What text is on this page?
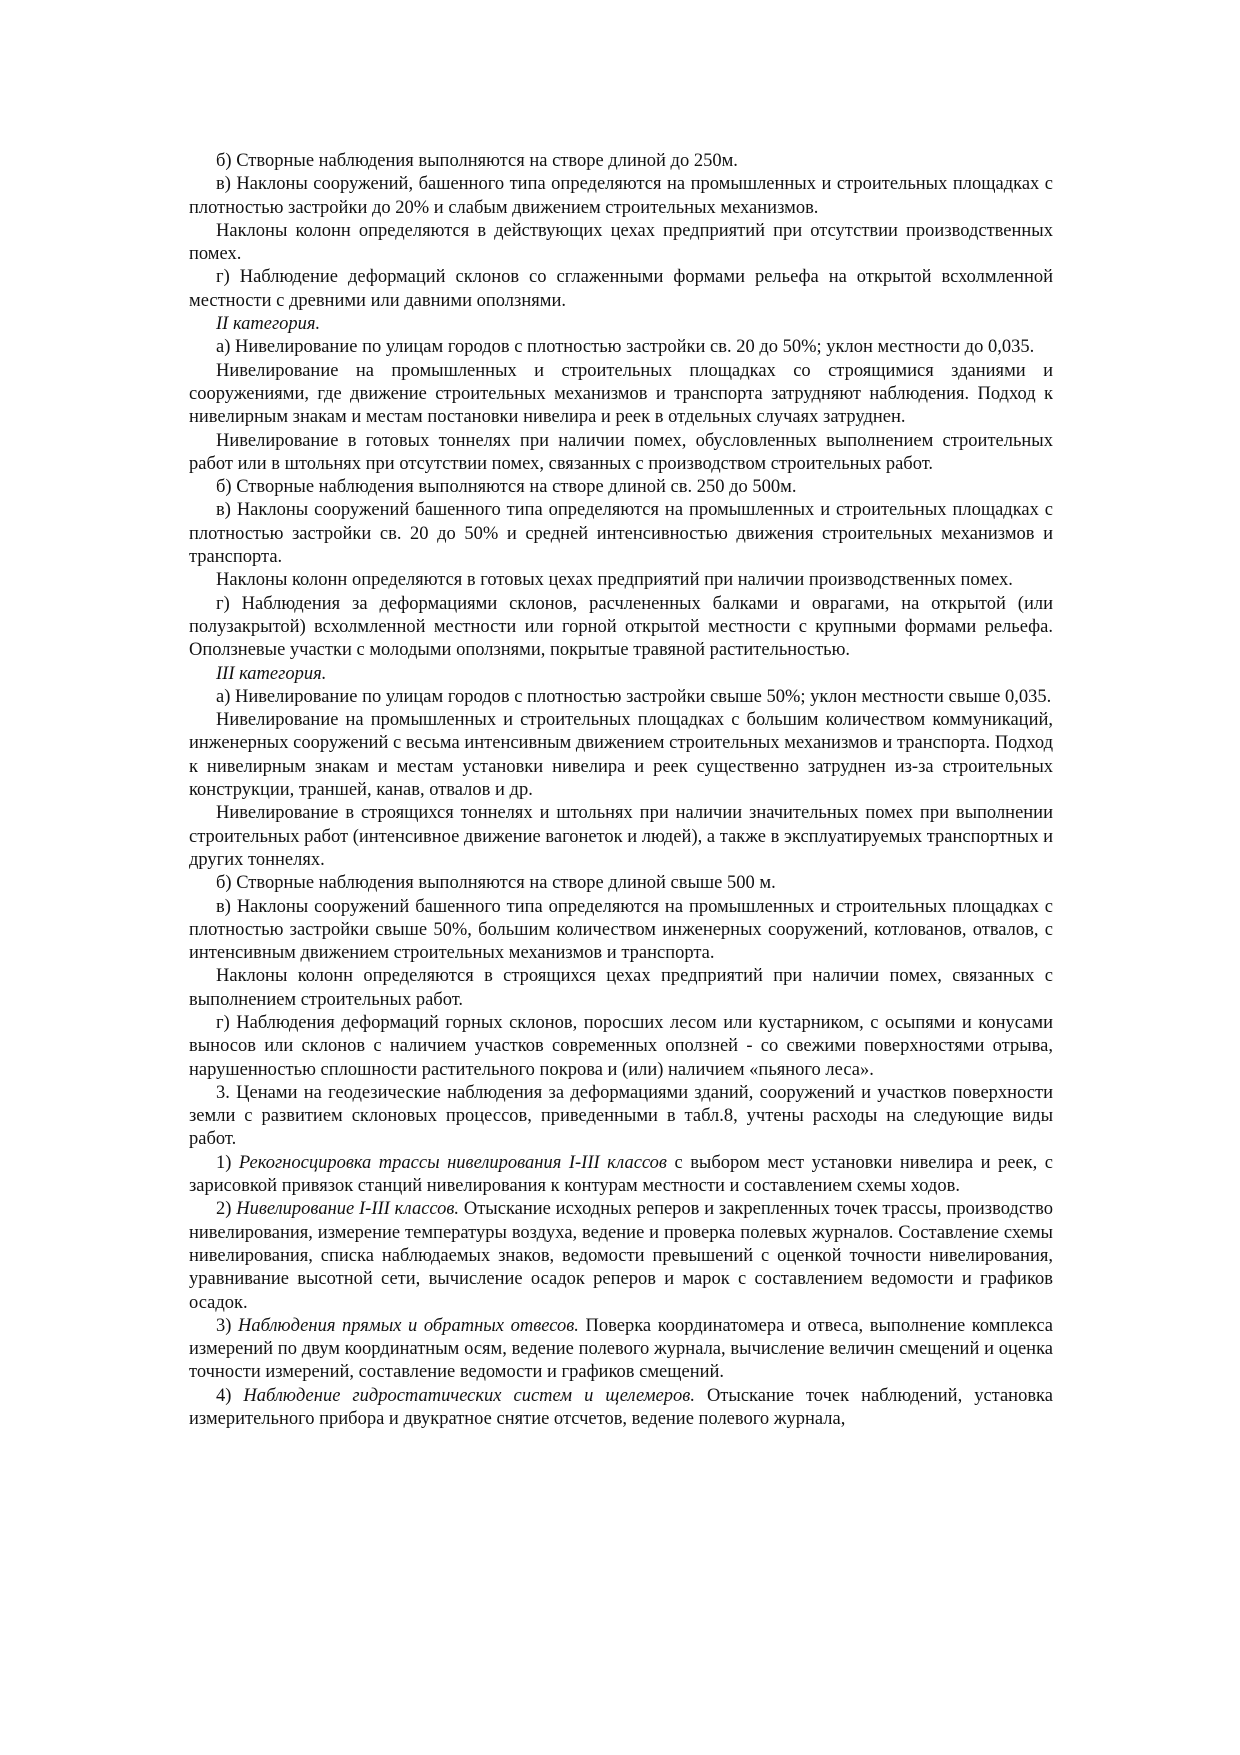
б) Створные наблюдения выполняются на створе длиной до 250м.

в) Наклоны сооружений, башенного типа определяются на промышленных и строительных площадках с плотностью застройки до 20% и слабым движением строительных механизмов.

Наклоны колонн определяются в действующих цехах предприятий при отсутствии производственных помех.

г) Наблюдение деформаций склонов со сглаженными формами рельефа на открытой всхолмленной местности с древними или давними оползнями.

II категория.

а) Нивелирование по улицам городов с плотностью застройки св. 20 до 50%; уклон местности до 0,035.

Нивелирование на промышленных и строительных площадках со строящимися зданиями и сооружениями, где движение строительных механизмов и транспорта затрудняют наблюдения. Подход к нивелирным знакам и местам постановки нивелира и реек в отдельных случаях затруднен.

Нивелирование в готовых тоннелях при наличии помех, обусловленных выполнением строительных работ или в штольнях при отсутствии помех, связанных с производством строительных работ.

б) Створные наблюдения выполняются на створе длиной св. 250 до 500м.

в) Наклоны сооружений башенного типа определяются на промышленных и строительных площадках с плотностью застройки св. 20 до 50% и средней интенсивностью движения строительных механизмов и транспорта.

Наклоны колонн определяются в готовых цехах предприятий при наличии производственных помех.

г) Наблюдения за деформациями склонов, расчлененных балками и оврагами, на открытой (или полузакрытой) всхолмленной местности или горной открытой местности с крупными формами рельефа. Оползневые участки с молодыми оползнями, покрытые травяной растительностью.

III категория.

а) Нивелирование по улицам городов с плотностью застройки свыше 50%; уклон местности свыше 0,035.

Нивелирование на промышленных и строительных площадках с большим количеством коммуникаций, инженерных сооружений с весьма интенсивным движением строительных механизмов и транспорта. Подход к нивелирным знакам и местам установки нивелира и реек существенно затруднен из-за строительных конструкции, траншей, канав, отвалов и др.

Нивелирование в строящихся тоннелях и штольнях при наличии значительных помех при выполнении строительных работ (интенсивное движение вагонеток и людей), а также в эксплуатируемых транспортных и других тоннелях.

б) Створные наблюдения выполняются на створе длиной свыше 500 м.

в) Наклоны сооружений башенного типа определяются на промышленных и строительных площадках с плотностью застройки свыше 50%, большим количеством инженерных сооружений, котлованов, отвалов, с интенсивным движением строительных механизмов и транспорта.

Наклоны колонн определяются в строящихся цехах предприятий при наличии помех, связанных с выполнением строительных работ.

г) Наблюдения деформаций горных склонов, поросших лесом или кустарником, с осыпями и конусами выносов или склонов с наличием участков современных оползней - со свежими поверхностями отрыва, нарушенностью сплошности растительного покрова и (или) наличием «пьяного леса».

3. Ценами на геодезические наблюдения за деформациями зданий, сооружений и участков поверхности земли с развитием склоновых процессов, приведенными в табл.8, учтены расходы на следующие виды работ.

1) Рекогносцировка трассы нивелирования I-III классов с выбором мест установки нивелира и реек, с зарисовкой привязок станций нивелирования к контурам местности и составлением схемы ходов.

2) Нивелирование I-III классов. Отыскание исходных реперов и закрепленных точек трассы, производство нивелирования, измерение температуры воздуха, ведение и проверка полевых журналов. Составление схемы нивелирования, списка наблюдаемых знаков, ведомости превышений с оценкой точности нивелирования, уравнивание высотной сети, вычисление осадок реперов и марок с составлением ведомости и графиков осадок.

3) Наблюдения прямых и обратных отвесов. Поверка координатомера и отвеса, выполнение комплекса измерений по двум координатным осям, ведение полевого журнала, вычисление величин смещений и оценка точности измерений, составление ведомости и графиков смещений.

4) Наблюдение гидростатических систем и щелемеров. Отыскание точек наблюдений, установка измерительного прибора и двукратное снятие отсчетов, ведение полевого журнала,
